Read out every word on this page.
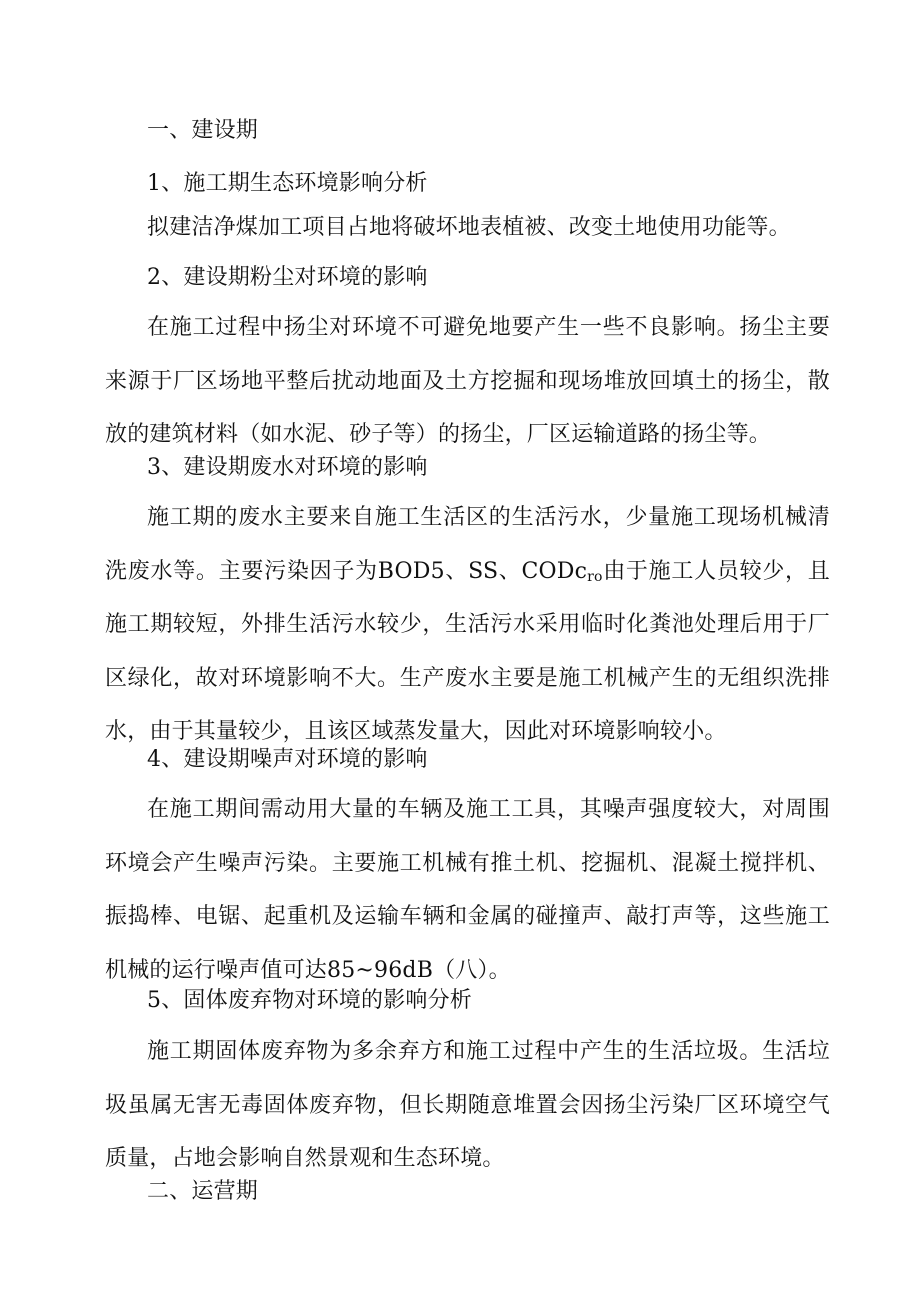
一、建设期
1、施工期生态环境影响分析
拟建洁净煤加工项目占地将破坏地表植被、改变土地使用功能等。
2、建设期粉尘对环境的影响
在施工过程中扬尘对环境不可避免地要产生一些不良影响。扬尘主要来源于厂区场地平整后扰动地面及土方挖掘和现场堆放回填土的扬尘，散放的建筑材料（如水泥、砂子等）的扬尘，厂区运输道路的扬尘等。
3、建设期废水对环境的影响
施工期的废水主要来自施工生活区的生活污水，少量施工现场机械清洗废水等。主要污染因子为BOD5、SS、CODc$_{ro}$由于施工人员较少，且施工期较短，外排生活污水较少，生活污水采用临时化粪池处理后用于厂区绿化，故对环境影响不大。生产废水主要是施工机械产生的无组织洗排水，由于其量较少，且该区域蒸发量大，因此对环境影响较小。
4、建设期噪声对环境的影响
在施工期间需动用大量的车辆及施工工具，其噪声强度较大，对周围环境会产生噪声污染。主要施工机械有推土机、挖掘机、混凝土搅拌机、振捣棒、电锯、起重机及运输车辆和金属的碰撞声、敲打声等，这些施工机械的运行噪声值可达85~96dB（八）。
5、固体废弃物对环境的影响分析
施工期固体废弃物为多余弃方和施工过程中产生的生活垃圾。生活垃圾虽属无害无毒固体废弃物，但长期随意堆置会因扬尘污染厂区环境空气质量，占地会影响自然景观和生态环境。
二、运营期
